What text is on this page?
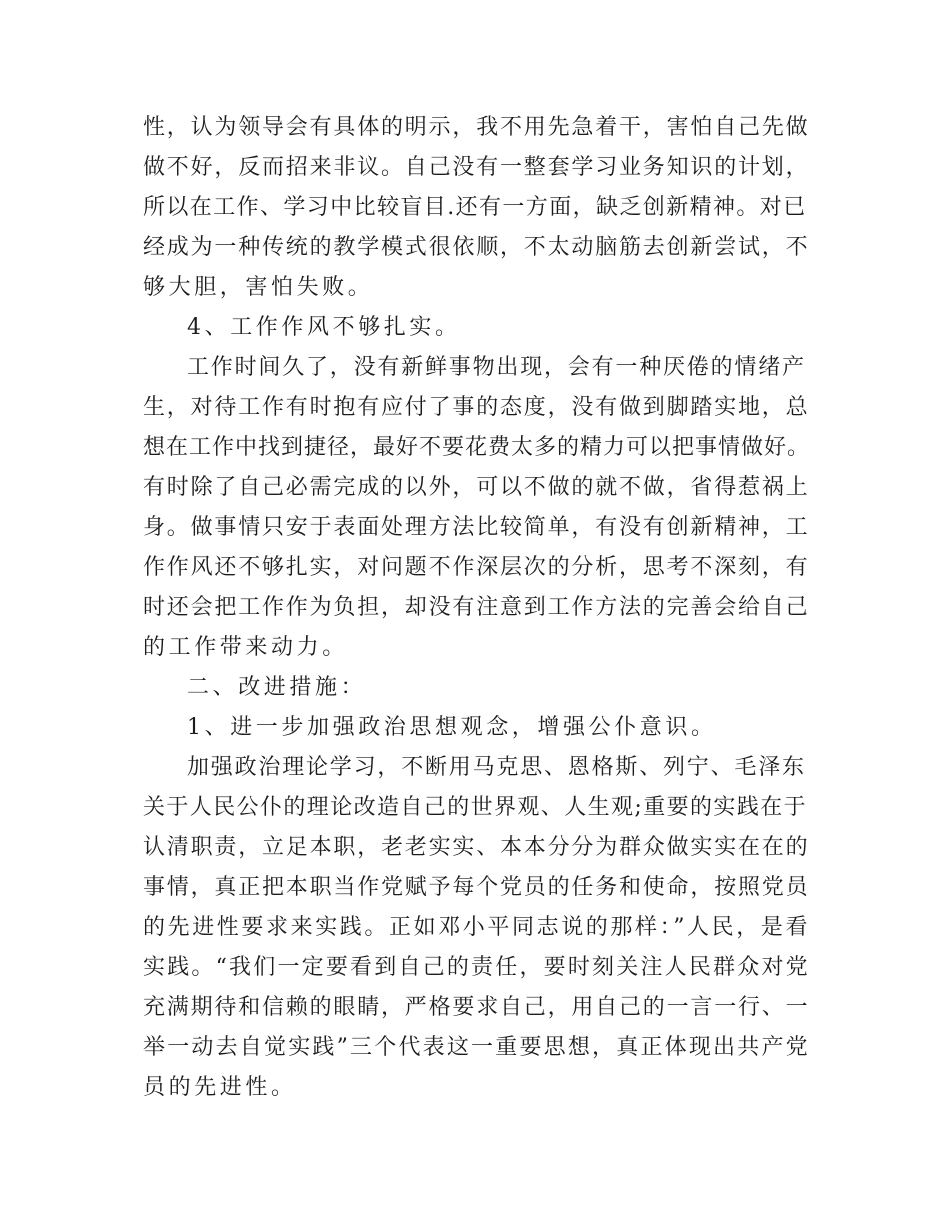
性，认为领导会有具体的明示，我不用先急着干，害怕自己先做
做不好，反而招来非议。自己没有一整套学习业务知识的计划，
所以在工作、学习中比较盲目.还有一方面，缺乏创新精神。对已
经成为一种传统的教学模式很依顺，不太动脑筋去创新尝试，不
够大胆，害怕失败。
4、工作作风不够扎实。
工作时间久了，没有新鲜事物出现，会有一种厌倦的情绪产
生，对待工作有时抱有应付了事的态度，没有做到脚踏实地，总
想在工作中找到捷径，最好不要花费太多的精力可以把事情做好。
有时除了自己必需完成的以外，可以不做的就不做，省得惹祸上
身。做事情只安于表面处理方法比较简单，有没有创新精神，工
作作风还不够扎实，对问题不作深层次的分析，思考不深刻，有
时还会把工作作为负担，却没有注意到工作方法的完善会给自己
的工作带来动力。
二、改进措施：
1、进一步加强政治思想观念，增强公仆意识。
加强政治理论学习，不断用马克思、恩格斯、列宁、毛泽东
关于人民公仆的理论改造自己的世界观、人生观;重要的实践在于
认清职责，立足本职，老老实实、本本分分为群众做实实在在的
事情，真正把本职当作党赋予每个党员的任务和使命，按照党员
的先进性要求来实践。正如邓小平同志说的那样：”人民，是看
实践。“我们一定要看到自己的责任，要时刻关注人民群众对党
充满期待和信赖的眼睛，严格要求自己，用自己的一言一行、一
举一动去自觉实践”三个代表这一重要思想，真正体现出共产党
员的先进性。
